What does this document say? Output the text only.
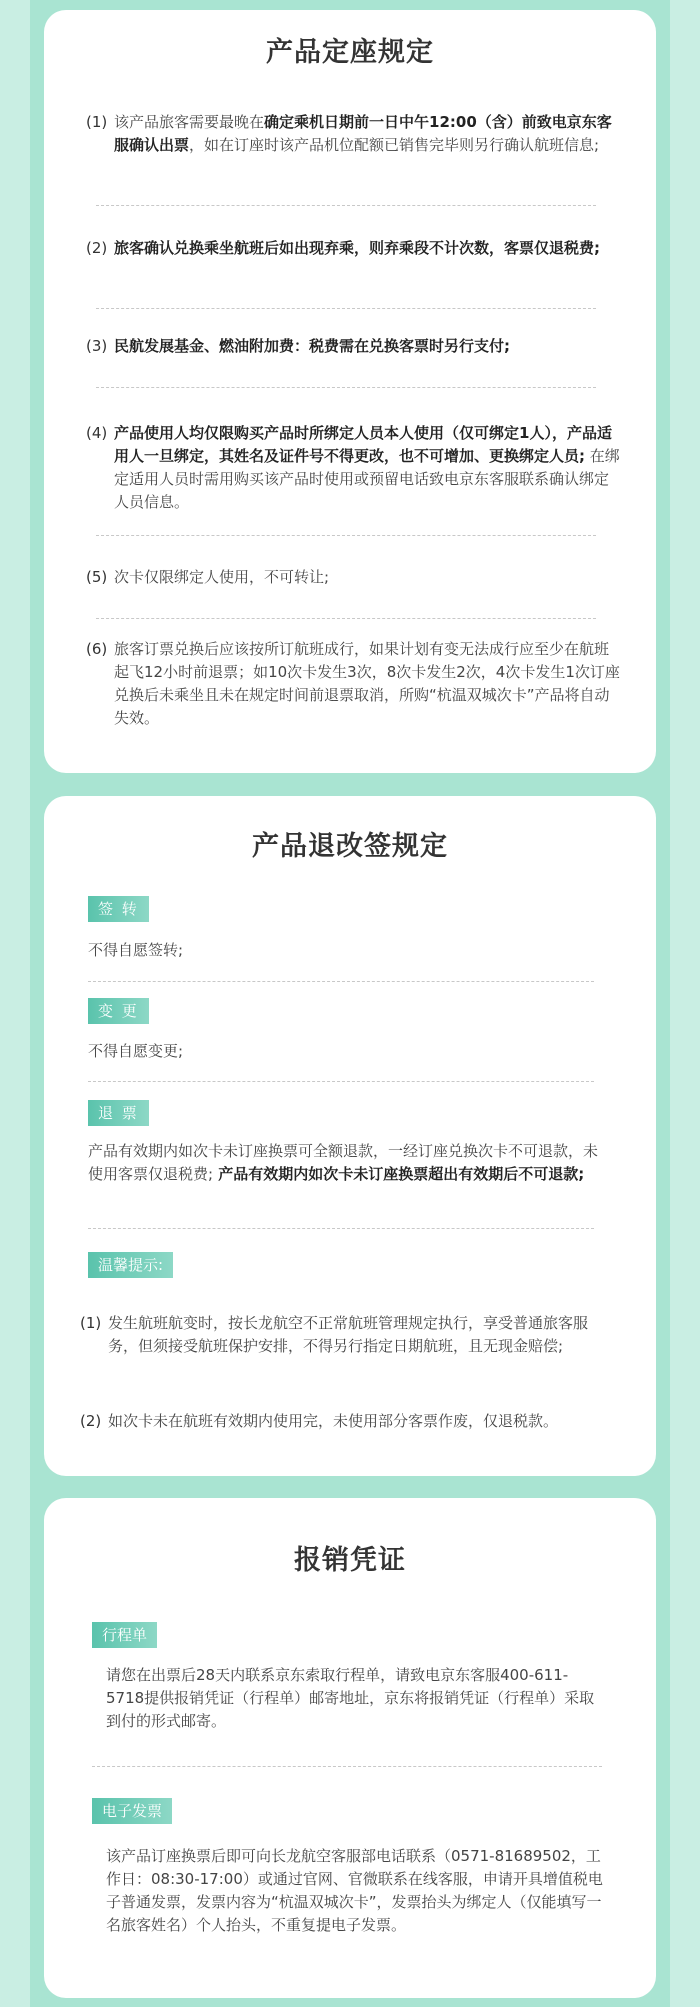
产品定座规定
(1) 该产品旅客需要最晚在确定乘机日期前一日中午12:00（含）前致电京东客服确认出票，如在订座时该产品机位配额已销售完毕则另行确认航班信息;
(2) 旅客确认兑换乘坐航班后如出现弃乘，则弃乘段不计次数，客票仅退税费;
(3) 民航发展基金、燃油附加费：税费需在兑换客票时另行支付;
(4) 产品使用人均仅限购买产品时所绑定人员本人使用（仅可绑定1人），产品适用人一旦绑定，其姓名及证件号不得更改，也不可增加、更换绑定人员; 在绑定适用人员时需用购买该产品时使用或预留电话致电京东客服联系确认绑定人员信息。
(5) 次卡仅限绑定人使用，不可转让;
(6) 旅客订票兑换后应该按所订航班成行，如果计划有变无法成行应至少在航班起飞12小时前退票；如10次卡发生3次，8次卡发生2次，4次卡发生1次订座兑换后未乘坐且未在规定时间前退票取消，所购“杭温双城次卡”产品将自动失效。
产品退改签规定
签 转
不得自愿签转;
变 更
不得自愿变更;
退 票
产品有效期内如次卡未订座换票可全额退款，一经订座兑换次卡不可退款，未使用客票仅退税费; 产品有效期内如次卡未订座换票超出有效期后不可退款;
温馨提示:
(1) 发生航班航变时，按长龙航空不正常航班管理规定执行，享受普通旅客服务，但须接受航班保护安排，不得另行指定日期航班，且无现金赔偿;
(2) 如次卡未在航班有效期内使用完，未使用部分客票作废，仅退税款。
报销凭证
行程单
请您在出票后28天内联系京东索取行程单，请致电京东客服400-611-5718提供报销凭证（行程单）邮寄地址，京东将报销凭证（行程单）采取到付的形式邮寄。
电子发票
该产品订座换票后即可向长龙航空客服部电话联系（0571-81689502，工作日：08:30-17:00）或通过官网、官微联系在线客服，申请开具增值税电子普通发票，发票内容为“杭温双城次卡”，发票抬头为绑定人（仅能填写一名旅客姓名）个人抬头，不重复提电子发票。
